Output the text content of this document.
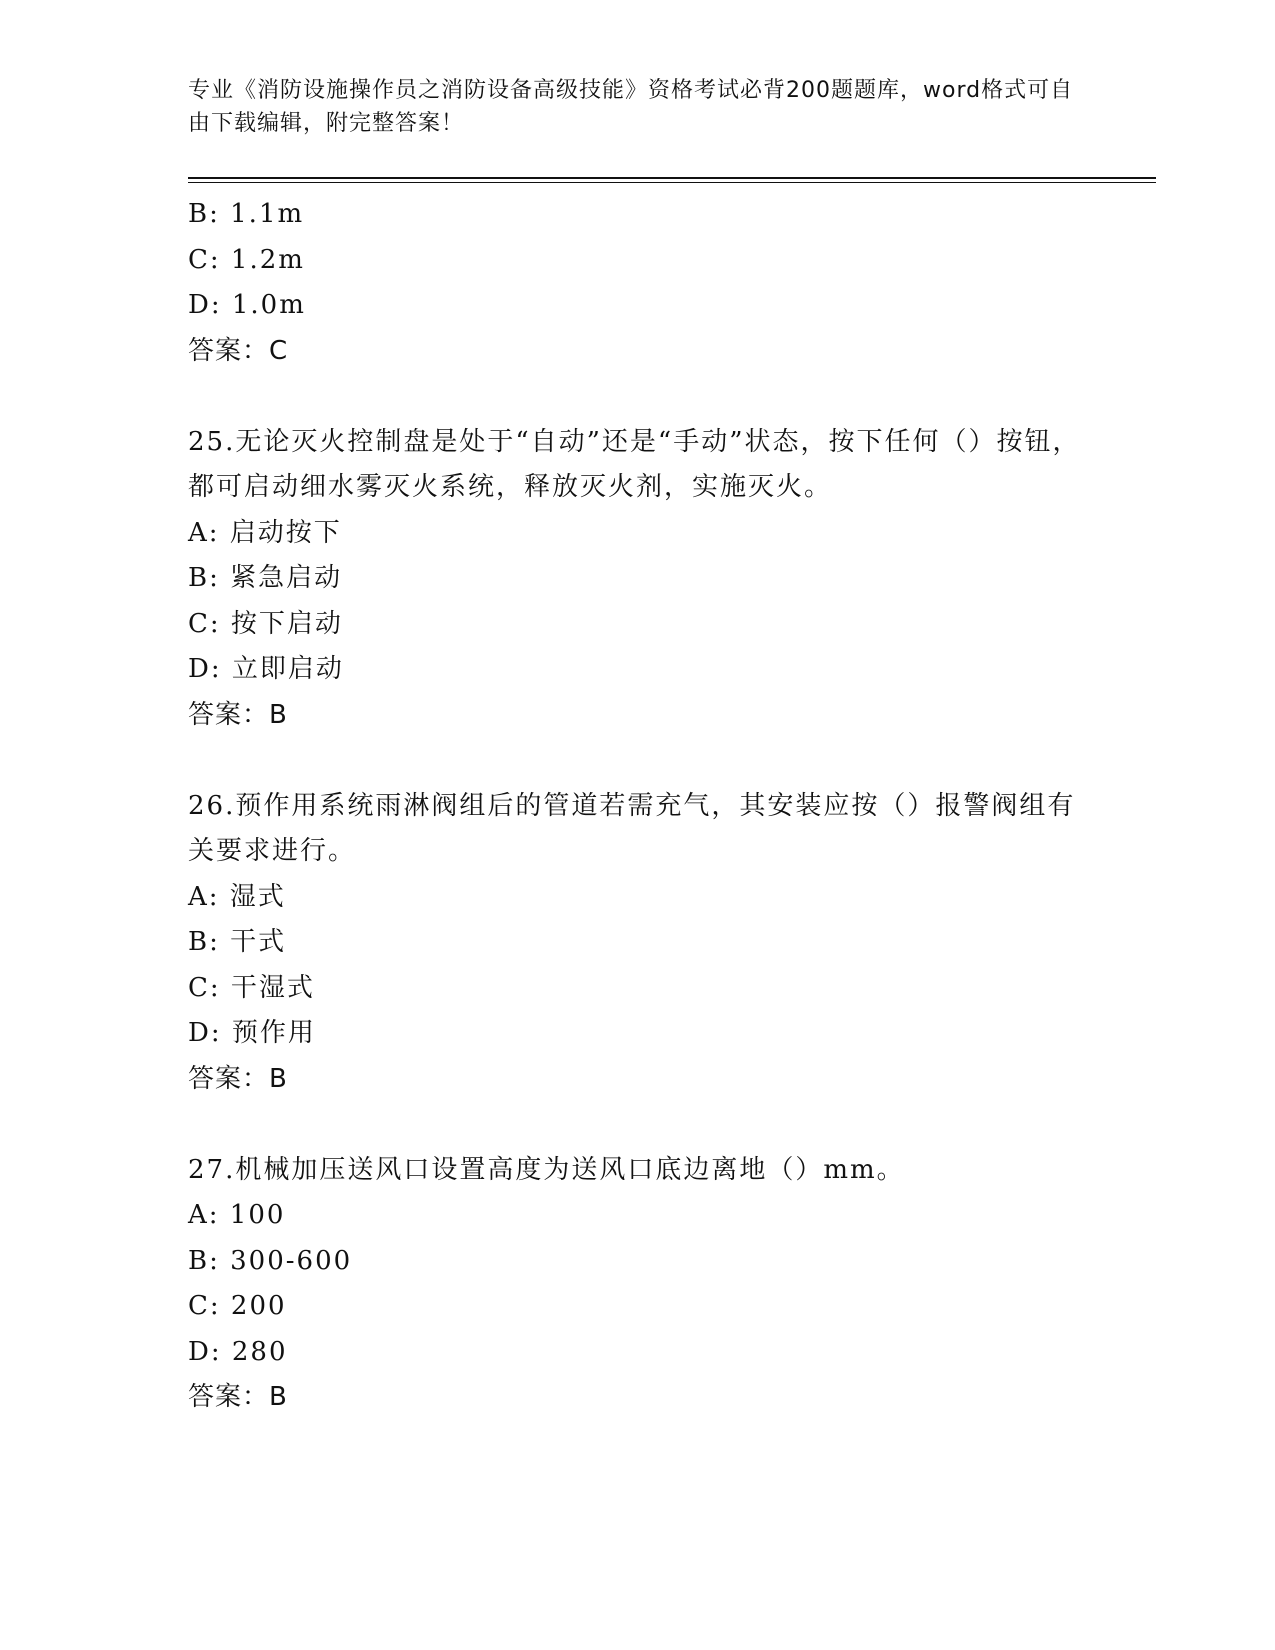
专业《消防设施操作员之消防设备高级技能》资格考试必背200题题库，word格式可自由下载编辑，附完整答案！
B: 1.1m
C: 1.2m
D: 1.0m
答案：C
25.无论灭火控制盘是处于“自动”还是“手动”状态，按下任何（）按钮，都可启动细水雾灭火系统，释放灭火剂，实施灭火。
A: 启动按下
B: 紧急启动
C: 按下启动
D: 立即启动
答案：B
26.预作用系统雨淋阀组后的管道若需充气，其安装应按（）报警阀组有关要求进行。
A: 湿式
B: 干式
C: 干湿式
D: 预作用
答案：B
27.机械加压送风口设置高度为送风口底边离地（）mm。
A: 100
B: 300-600
C: 200
D: 280
答案：B
